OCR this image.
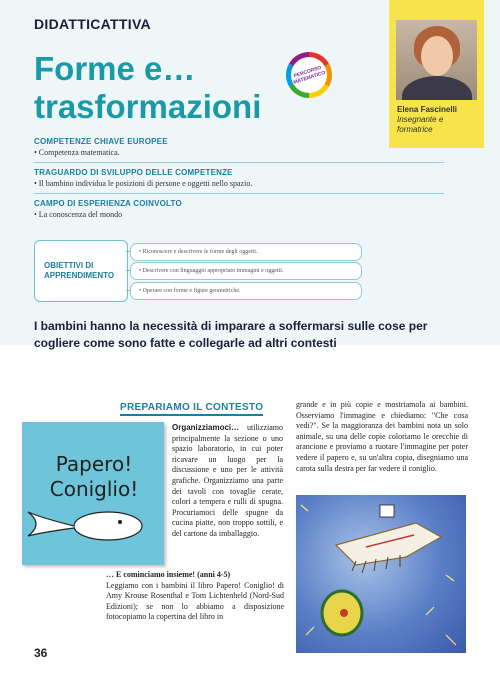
DIDATTICATTIVA
Forme e…
trasformazioni
PERCORSO
MATEMATICO
Elena Fascinelli
Insegnante e formatrice
COMPETENZE CHIAVE EUROPEE
• Competenza matematica.
TRAGUARDO DI SVILUPPO DELLE COMPETENZE
• Il bambino individua le posizioni di persone e oggetti nello spazio.
CAMPO DI ESPERIENZA COINVOLTO
• La conoscenza del mondo
OBIETTIVI DI APPRENDIMENTO
• Riconoscere e descrivere le forme degli oggetti.
• Descrivere con linguaggio appropriato immagini e oggetti.
• Operare con forme e figure geometriche.
I bambini hanno la necessità di imparare a soffermarsi sulle cose per cogliere come sono fatte e collegarle ad altri contesti
PREPARIAMO IL CONTESTO
Papero! Coniglio!
Organizziamoci… utilizziamo principalmente la sezione o uno spazio laboratorio, in cui poter ricavare un luogo per la discussione e uno per le attività grafiche. Organizziamo una parte dei tavoli con tovaglie cerate, colori a tempera e rulli di spugna. Procuriamoci delle spugne da cucina piatte, non troppo sottili, e del cartone da imballaggio.
… E cominciamo insieme! (anni 4-5)
Leggiamo con i bambini il libro Papero! Coniglio! di Amy Krouse Rosenthal e Tom Lichtenheld (Nord-Sud Edizioni); se non lo abbiamo a disposizione fotocopiamo la copertina del libro in
grande e in più copie e mostriamola ai bambini. Osserviamo l'immagine e chiediamo: "Che cosa vedi?". Se la maggioranza dei bambini nota un solo animale, su una delle copie coloriamo le orecchie di arancione e proviamo a ruotare l'immagine per poter vedere il papero e, su un'altra copia, disegniamo una carota sulla destra per far vedere il coniglio.
36
